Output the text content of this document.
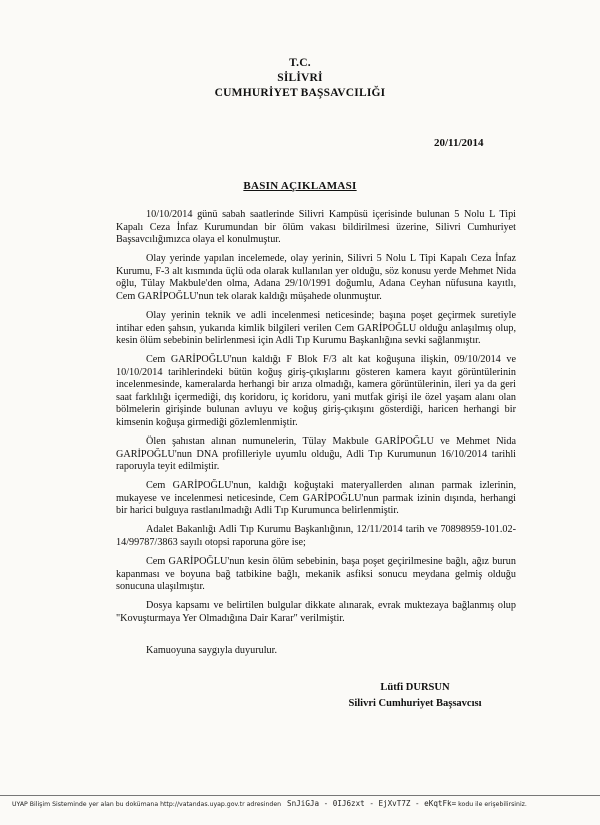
T.C.
SİLİVRİ
CUMHURİYET BAŞSAVCILIĞI
20/11/2014
BASIN AÇIKLAMASI

10/10/2014 günü sabah saatlerinde Silivri Kampüsü içerisinde bulunan 5 Nolu L Tipi Kapalı Ceza İnfaz Kurumundan bir ölüm vakası bildirilmesi üzerine, Silivri Cumhuriyet Başsavcılığımızca olaya el konulmuştur.

Olay yerinde yapılan incelemede, olay yerinin, Silivri 5 Nolu L Tipi Kapalı Ceza İnfaz Kurumu, F-3 alt kısmında üçlü oda olarak kullanılan yer olduğu, söz konusu yerde Mehmet Nida oğlu, Tülay Makbule'den olma, Adana 29/10/1991 doğumlu, Adana Ceyhan nüfusuna kayıtlı, Cem GARİPOĞLU'nun tek olarak kaldığı müşahede olunmuştur.

Olay yerinin teknik ve adli incelenmesi neticesinde; başına poşet geçirmek suretiyle intihar eden şahsın, yukarıda kimlik bilgileri verilen Cem GARİPOĞLU olduğu anlaşılmış olup, kesin ölüm sebebinin belirlenmesi için Adli Tıp Kurumu Başkanlığına sevki sağlanmıştır.

Cem GARİPOĞLU'nun kaldığı F Blok F/3 alt kat koğuşuna ilişkin, 09/10/2014 ve 10/10/2014 tarihlerindeki bütün koğuş giriş-çıkışlarını gösteren kamera kayıt görüntülerinin incelenmesinde, kameralarda herhangi bir arıza olmadığı, kamera görüntülerinin, ileri ya da geri saat farklılığı içermediği, dış koridoru, iç koridoru, yani mutfak girişi ile özel yaşam alanı olan bölmelerin girişinde bulunan avluyu ve koğuş giriş-çıkışını gösterdiği, haricen herhangi bir kimsenin koğuşa girmediği gözlemlenmiştir.

Ölen şahıstan alınan numunelerin, Tülay Makbule GARİPOĞLU ve Mehmet Nida GARİPOĞLU'nun DNA profilleriyle uyumlu olduğu, Adli Tıp Kurumunun 16/10/2014 tarihli raporuyla teyit edilmiştir.

Cem GARİPOĞLU'nun, kaldığı koğuştaki materyallerden alınan parmak izlerinin, mukayese ve incelenmesi neticesinde, Cem GARİPOĞLU'nun parmak izinin dışında, herhangi bir harici bulguya rastlanılmadığı Adli Tıp Kurumunca belirlenmiştir.

Adalet Bakanlığı Adli Tıp Kurumu Başkanlığının, 12/11/2014 tarih ve 70898959-101.02-14/99787/3863 sayılı otopsi raporuna göre ise;

Cem GARİPOĞLU'nun kesin ölüm sebebinin, başa poşet geçirilmesine bağlı, ağız burun kapanması ve boyuna bağ tatbikine bağlı, mekanik asfiksi sonucu meydana gelmiş olduğu sonucuna ulaşılmıştır.

Dosya kapsamı ve belirtilen bulgular dikkate alınarak, evrak muktezaya bağlanmış olup "Kovuşturmaya Yer Olmadığına Dair Karar" verilmiştir.

Kamuoyuna saygıyla duyurulur.

Lütfi DURSUN
Silivri Cumhuriyet Başsavcısı
UYAP Bilişim Sisteminde yer alan bu dokümana http://vatandas.uyap.gov.tr adresinden SnJiGJa - 0IJ6zxt - EjXvT7Z - eKqtFk= kodu ile erişebilirsiniz.
